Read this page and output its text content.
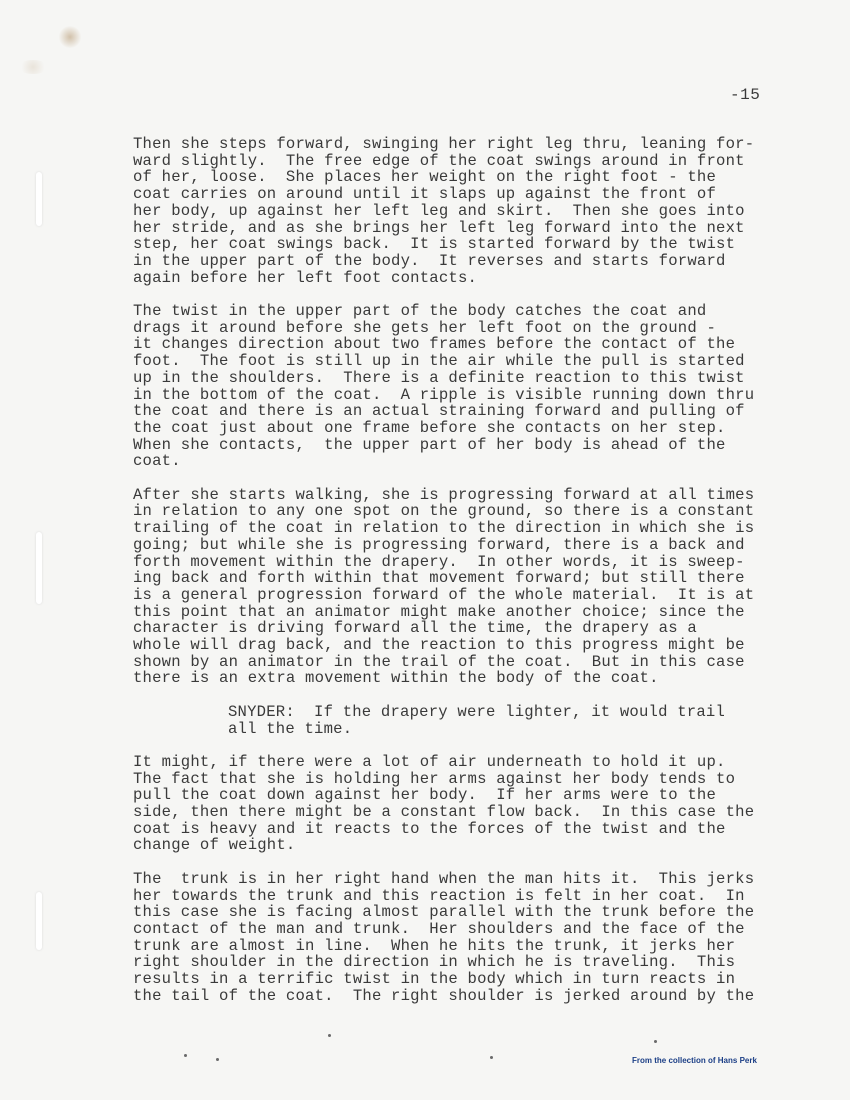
-15

Then she steps forward, swinging her right leg thru, leaning for-
ward slightly.  The free edge of the coat swings around in front
of her, loose.  She places her weight on the right foot - the
coat carries on around until it slaps up against the front of
her body, up against her left leg and skirt.  Then she goes into
her stride, and as she brings her left leg forward into the next
step, her coat swings back.  It is started forward by the twist
in the upper part of the body.  It reverses and starts forward
again before her left foot contacts.

The twist in the upper part of the body catches the coat and
drags it around before she gets her left foot on the ground -
it changes direction about two frames before the contact of the
foot.  The foot is still up in the air while the pull is started
up in the shoulders.  There is a definite reaction to this twist
in the bottom of the coat.  A ripple is visible running down thru
the coat and there is an actual straining forward and pulling of
the coat just about one frame before she contacts on her step.
When she contacts,  the upper part of her body is ahead of the
coat.

After she starts walking, she is progressing forward at all times
in relation to any one spot on the ground, so there is a constant
trailing of the coat in relation to the direction in which she is
going; but while she is progressing forward, there is a back and
forth movement within the drapery.  In other words, it is sweep-
ing back and forth within that movement forward; but still there
is a general progression forward of the whole material.  It is at
this point that an animator might make another choice; since the
character is driving forward all the time, the drapery as a
whole will drag back, and the reaction to this progress might be
shown by an animator in the trail of the coat.  But in this case
there is an extra movement within the body of the coat.

SNYDER:  If the drapery were lighter, it would trail
all the time.

It might, if there were a lot of air underneath to hold it up.
The fact that she is holding her arms against her body tends to
pull the coat down against her body.  If her arms were to the
side, then there might be a constant flow back.  In this case the
coat is heavy and it reacts to the forces of the twist and the
change of weight.

The  trunk is in her right hand when the man hits it.  This jerks
her towards the trunk and this reaction is felt in her coat.  In
this case she is facing almost parallel with the trunk before the
contact of the man and trunk.  Her shoulders and the face of the
trunk are almost in line.  When he hits the trunk, it jerks her
right shoulder in the direction in which he is traveling.  This
results in a terrific twist in the body which in turn reacts in
the tail of the coat.  The right shoulder is jerked around by the

From the collection of Hans Perk
